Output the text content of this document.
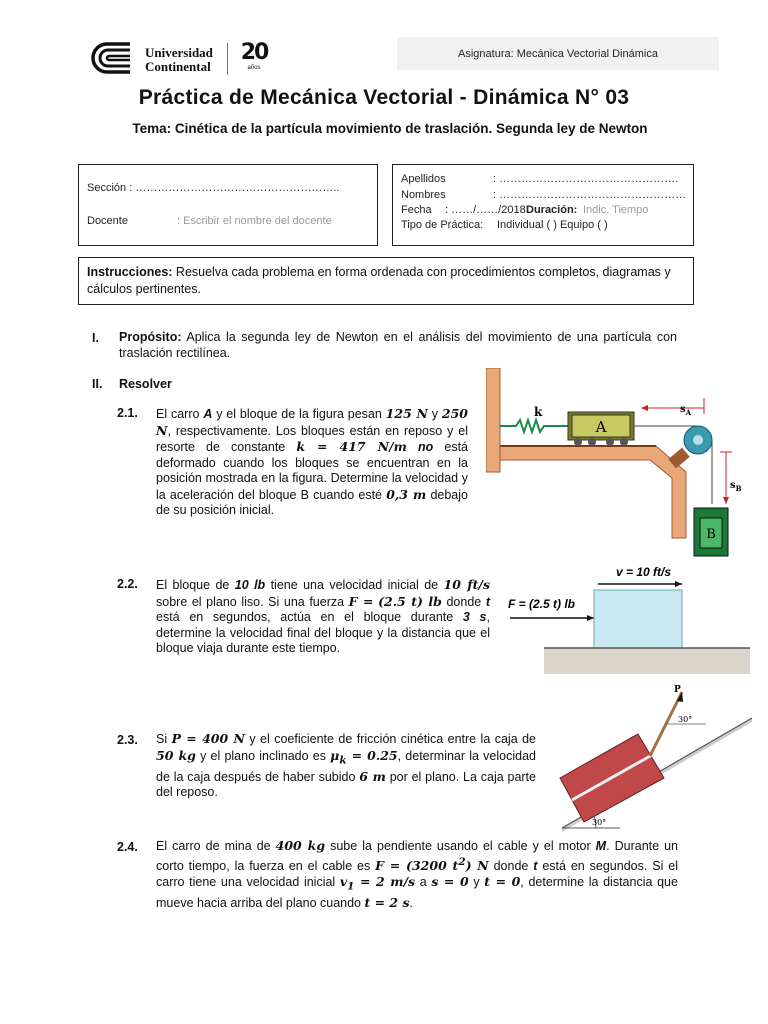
Universidad
Continental
20
años
Asignatura: Mecánica Vectorial Dinámica
Práctica de Mecánica Vectorial - Dinámica N° 03
Tema: Cinética de la partícula movimiento de traslación. Segunda ley de Newton
Sección : ………………………………………………..
Docente	: Escribir el nombre del docente
Apellidos	: ………………………………………….
Nombres	: ……………………………………………
Fecha : ……/……/2018 Duración: Indic. Tiempo
Tipo de Práctica: Individual ( ) Equipo ( )
Instrucciones: Resuelva cada problema en forma ordenada con procedimientos completos, diagramas y cálculos pertinentes.
I. Propósito: Aplica la segunda ley de Newton en el análisis del movimiento de una partícula con traslación rectilínea.
II. Resolver
2.1. El carro A y el bloque de la figura pesan 125 N y 250 N, respectivamente. Los bloques están en reposo y el resorte de constante k = 417 N/m no está deformado cuando los bloques se encuentran en la posición mostrada en la figura. Determine la velocidad y la aceleración del bloque B cuando esté 0,3 m debajo de su posición inicial.
k
A
$s_A$
$s_B$
B
2.2. El bloque de 10 lb tiene una velocidad inicial de 10 ft/s sobre el plano liso. Si una fuerza F = (2.5 t) lb donde t está en segundos, actúa en el bloque durante 3 s, determine la velocidad final del bloque y la distancia que el bloque viaja durante este tiempo.
v = 10 ft/s
F = (2.5 t) lb
2.3. Si P = 400 N y el coeficiente de fricción cinética entre la caja de 50 kg y el plano inclinado es $\mu_k = 0.25$, determinar la velocidad de la caja después de haber subido 6 m por el plano. La caja parte del reposo.
30°
P
30°
2.4. El carro de mina de 400 kg sube la pendiente usando el cable y el motor M. Durante un corto tiempo, la fuerza en el cable es F = (3200 $t^2$) N donde t está en segundos. Si el carro tiene una velocidad inicial $v_1 = 2$ m/s a s = 0 y t = 0, determine la distancia que mueve hacia arriba del plano cuando t = 2 s.
